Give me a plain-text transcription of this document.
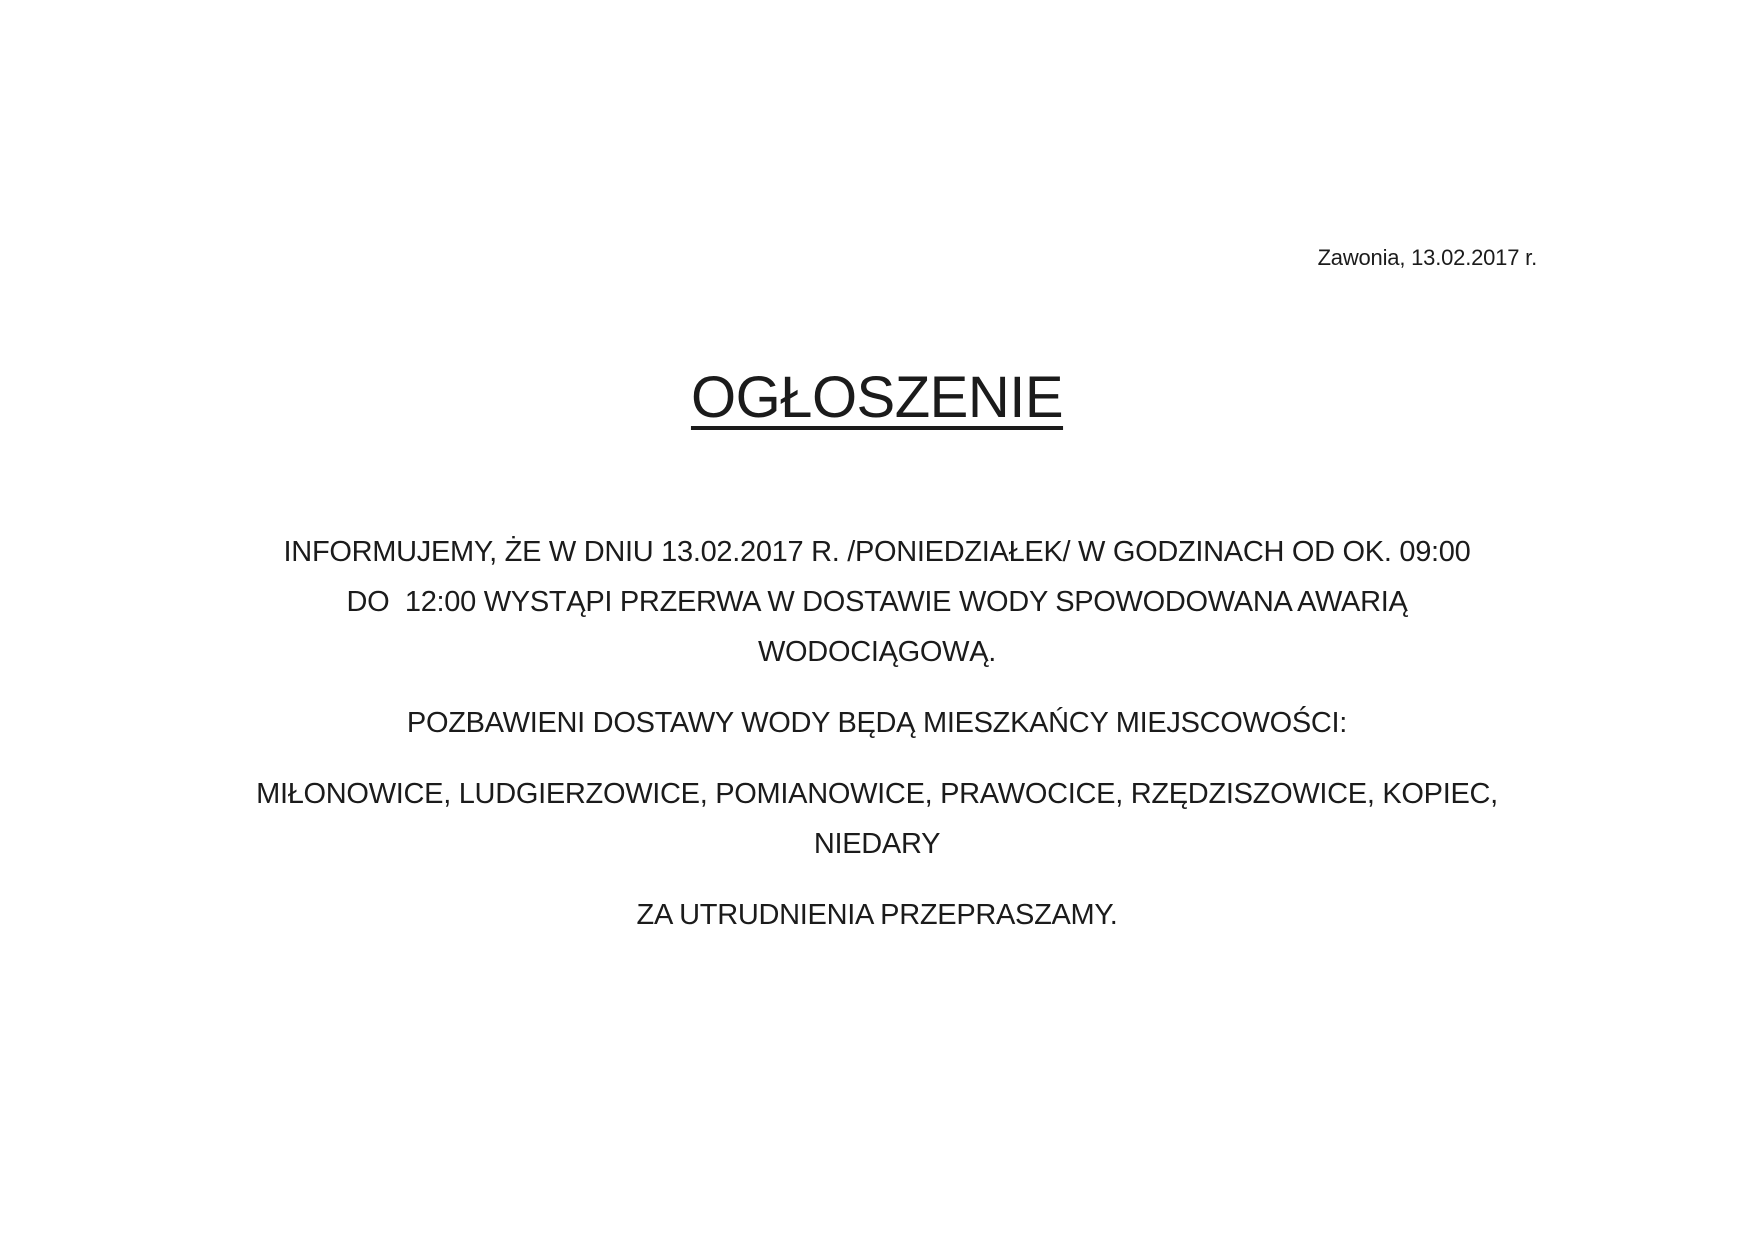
Zawonia, 13.02.2017 r.
OGŁOSZENIE
INFORMUJEMY, ŻE W DNIU 13.02.2017 R. /PONIEDZIAŁEK/ W GODZINACH OD OK. 09:00
DO  12:00 WYSTĄPI PRZERWA W DOSTAWIE WODY SPOWODOWANA AWARIĄ
WODOCIĄGOWĄ.
POZBAWIENI DOSTAWY WODY BĘDĄ MIESZKAŃCY MIEJSCOWOŚCI:
MIŁONOWICE, LUDGIERZOWICE, POMIANOWICE, PRAWOCICE, RZĘDZISZOWICE, KOPIEC,
NIEDARY
ZA UTRUDNIENIA PRZEPRASZAMY.
